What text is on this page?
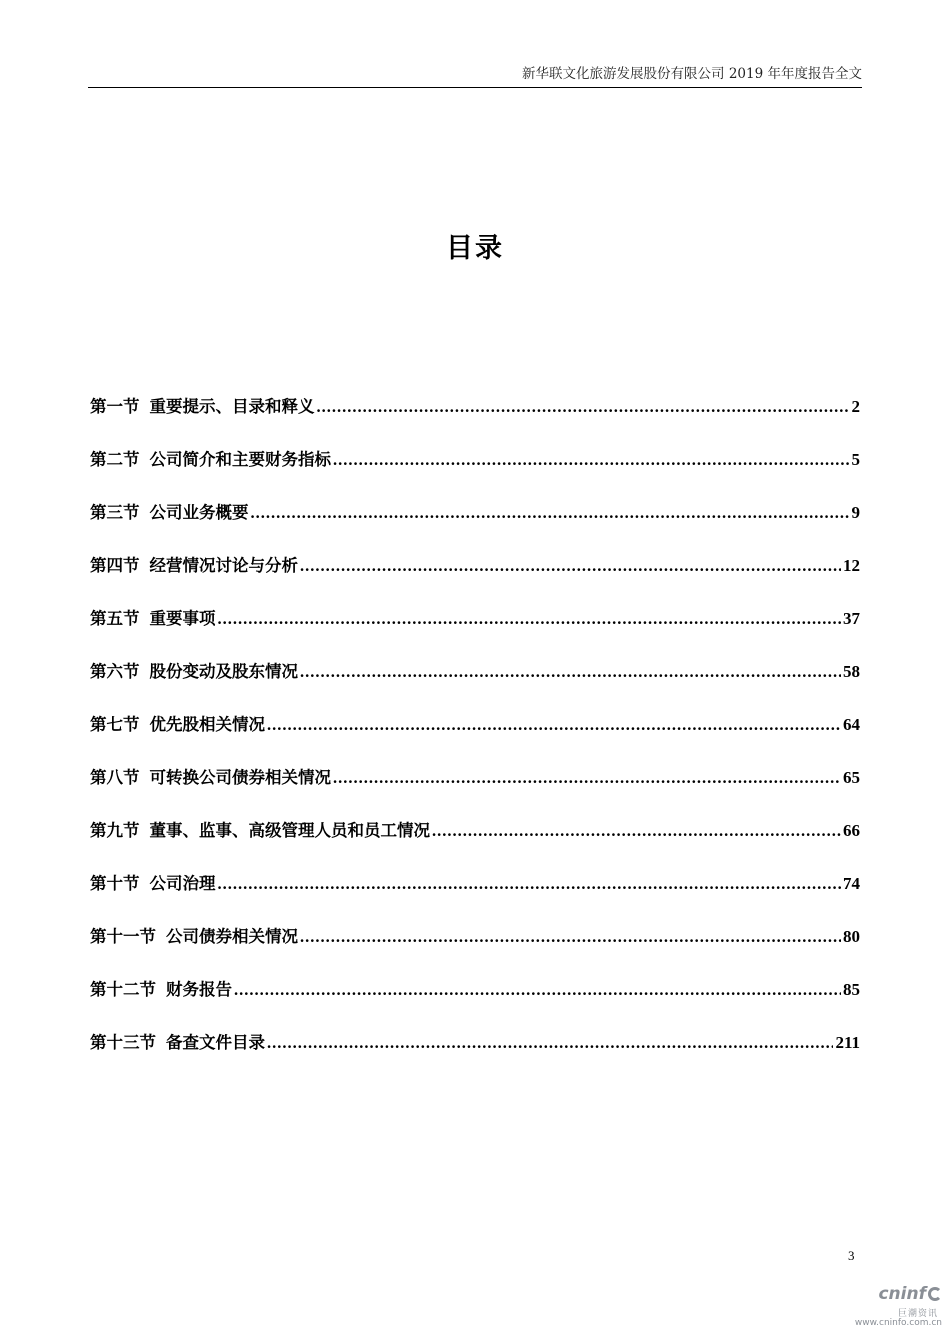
新华联文化旅游发展股份有限公司 2019 年年度报告全文
目录
第一节 重要提示、目录和释义 .....	2
第二节 公司简介和主要财务指标 .....	5
第三节 公司业务概要 .....	9
第四节 经营情况讨论与分析 .....	12
第五节 重要事项 .....	37
第六节 股份变动及股东情况 .....	58
第七节 优先股相关情况 .....	64
第八节 可转换公司债券相关情况 .....	65
第九节 董事、监事、高级管理人员和员工情况 .....	66
第十节 公司治理 .....	74
第十一节 公司债券相关情况 .....	80
第十二节 财务报告 .....	85
第十三节 备查文件目录 .....	211
3
cninf
巨潮资讯
www.cninfo.com.cn
